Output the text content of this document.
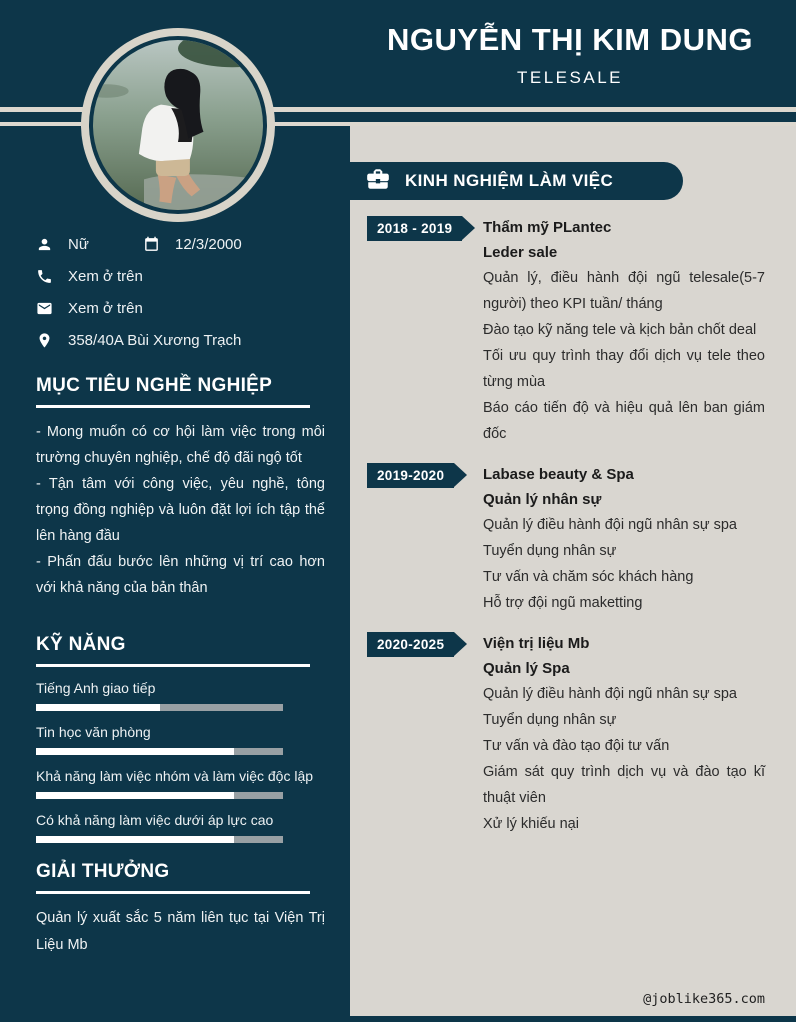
NGUYỄN THỊ KIM DUNG
TELESALE
Nữ	12/3/2000
Xem ở trên
Xem ở trên
358/40A Bùi Xương Trạch
MỤC TIÊU NGHỀ NGHIỆP

- Mong muốn có cơ hội làm việc trong môi trường chuyên nghiệp, chế độ đãi ngộ tốt

- Tận tâm với công việc, yêu nghề, tông trọng đồng nghiệp và luôn đặt lợi ích tập thể lên hàng đầu

- Phấn đấu bước lên những vị trí cao hơn với khả năng của bản thân

KỸ NĂNG
Tiếng Anh giao tiếp
Tin học văn phòng
Khả năng làm việc nhóm và làm việc độc lập
Có khả năng làm việc dưới áp lực cao
GIẢI THƯỞNG

Quản lý xuất sắc 5 năm liên tục tại Viện Trị Liệu Mb

KINH NGHIỆM LÀM VIỆC
2018 - 2019	Thẩm mỹ PLantec
Leder sale

Quản lý, điều hành đội ngũ telesale(5-7 người) theo KPI tuần/ tháng

Đào tạo kỹ năng tele và kịch bản chốt deal

Tối ưu quy trình thay đổi dịch vụ tele theo từng mùa

Báo cáo tiến độ và hiệu quả lên ban giám đốc

2019-2020	Labase beauty & Spa
Quản lý nhân sự

Quản lý điều hành đội ngũ nhân sự spa

Tuyển dụng nhân sự

Tư vấn và chăm sóc khách hàng

Hỗ trợ đội ngũ maketting

2020-2025	Viện trị liệu Mb
Quản lý Spa

Quản lý điều hành đội ngũ nhân sự spa

Tuyển dụng nhân sự

Tư vấn và đào tạo đội tư vấn

Giám sát quy trình dịch vụ và đào tạo kĩ thuật viên

Xử lý khiếu nại

@joblike365.com
